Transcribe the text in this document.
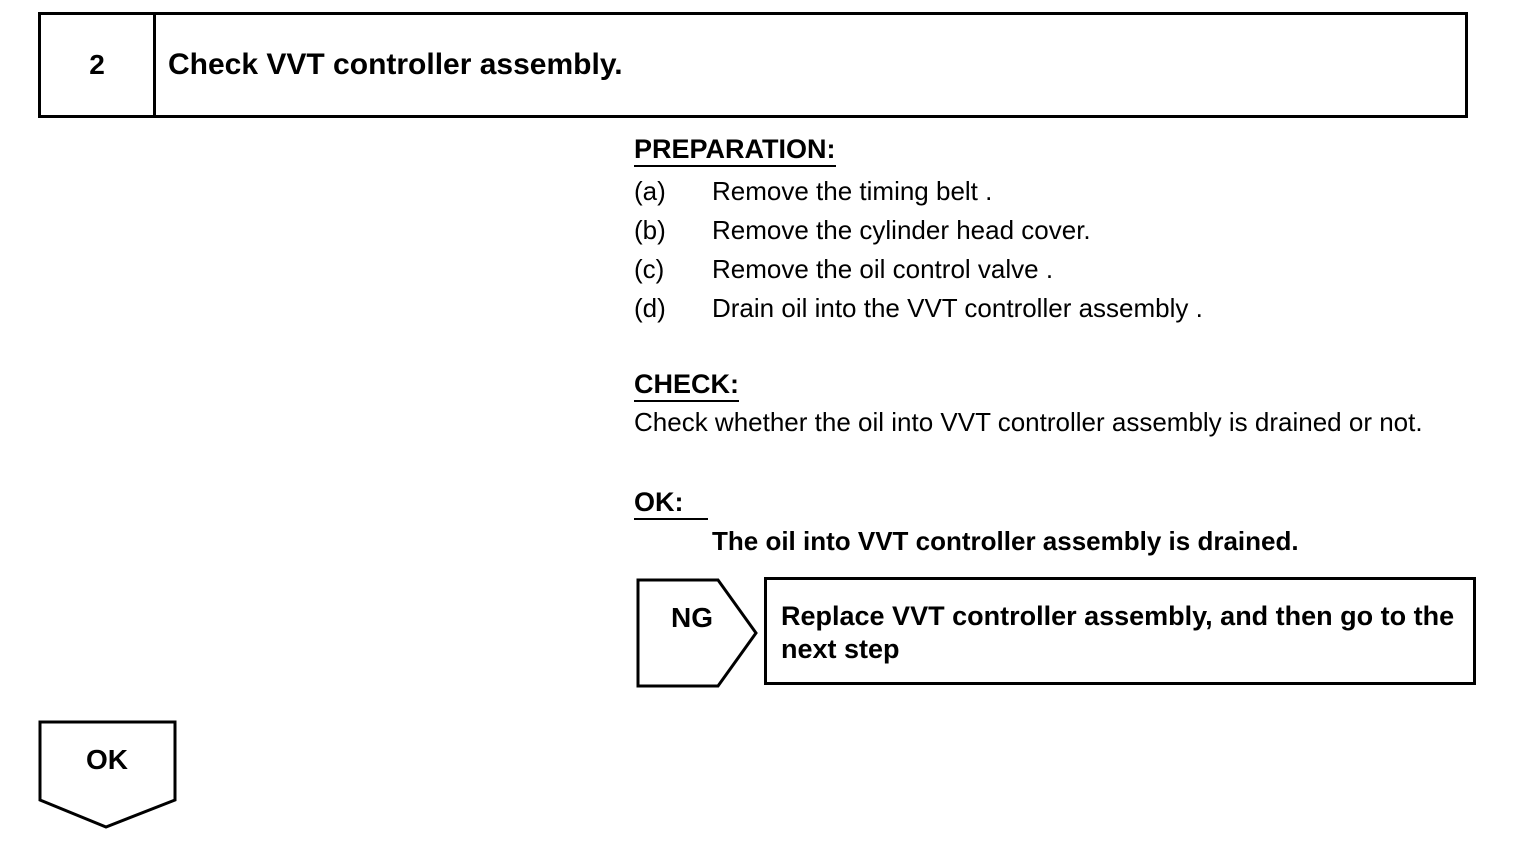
2	Check VVT controller assembly.
PREPARATION:
(a)	Remove the timing belt .
(b)	Remove the cylinder head cover.
(c)	Remove the oil control valve .
(d)	Drain oil into the VVT controller assembly .
CHECK:
Check whether the oil into VVT controller assembly is drained or not.
OK:
The oil into VVT controller assembly is drained.
NG	Replace VVT controller assembly, and then go to the next step
OK
